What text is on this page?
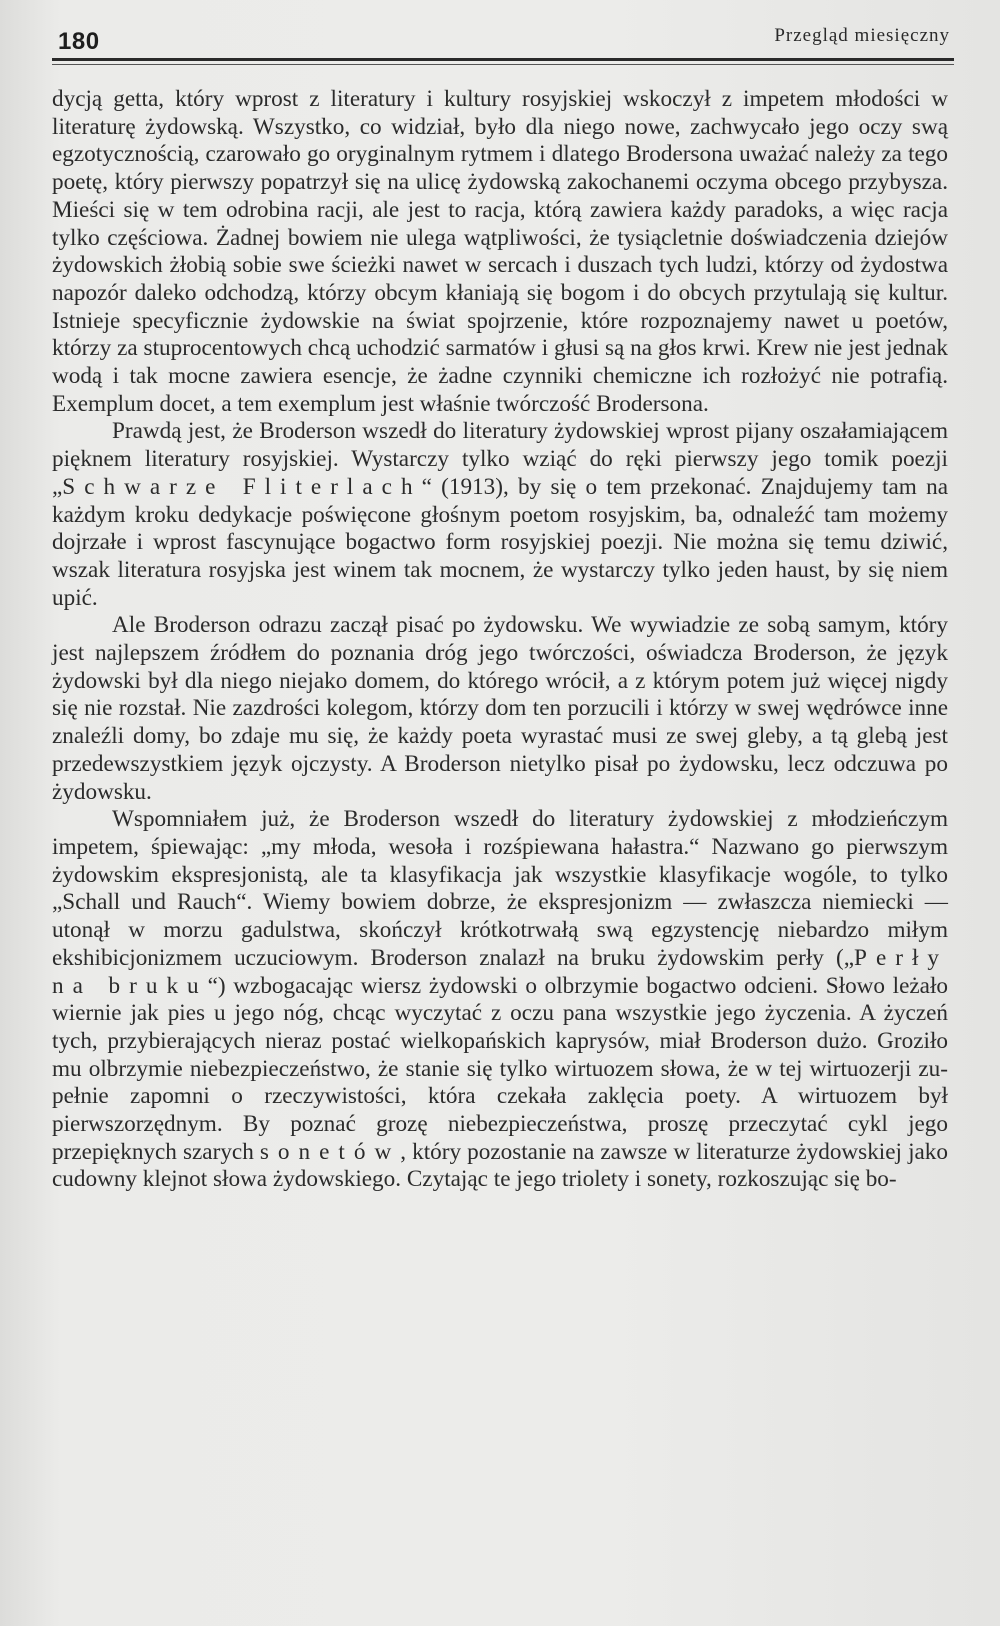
180	Przegląd miesięczny

dycją getta, który wprost z literatury i kultury rosyjskiej wskoczył z impetem młodości w literaturę żydowską. Wszystko, co widział, było dla niego nowe, zachwycało jego oczy swą egzotycznością, czarowało go oryginalnym rytmem i dlatego Brodersona uważać należy za tego poetę, który pierwszy popatrzył się na ulicę żydowską zakochanemi oczyma obcego przybysza. Mieści się w tem odrobina racji, ale jest to racja, którą zawiera każdy paradoks, a więc racja tylko częściowa. Żadnej bowiem nie ulega wątpliwości, że tysiącletnie doświadczenia dziejów żydowskich żłobią sobie swe ścieżki nawet w sercach i duszach tych ludzi, którzy od żydostwa napozór daleko odchodzą, którzy obcym kłaniają się bogom i do obcych przytulają się kultur. Istnieje specyficznie żydowskie na świat spojrzenie, które rozpoznajemy nawet u poetów, którzy za stuprocentowych chcą uchodzić sarmatów i głusi są na głos krwi. Krew nie jest jednak wodą i tak mocne zawiera esencje, że żadne czynniki chemiczne ich rozłożyć nie potrafią. Exemplum docet, a tem exemplum jest właśnie twórczość Brodersona.

Prawdą jest, że Broderson wszedł do literatury żydowskiej wprost pijany oszałamiającem pięknem literatury rosyjskiej. Wystarczy tylko wziąć do ręki pierwszy jego tomik poezji „Schwarze Fliterlach“ (1913), by się o tem przekonać. Znajdujemy tam na każdym kroku dedykacje poświęcone głośnym poetom rosyjskim, ba, odnaleźć tam możemy dojrzałe i wprost fascynujące bogactwo form rosyjskiej poezji. Nie można się temu dziwić, wszak literatura rosyjska jest winem tak mocnem, że wystarczy tylko jeden haust, by się niem upić.

Ale Broderson odrazu zaczął pisać po żydowsku. We wywiadzie ze sobą samym, który jest najlepszem źródłem do poznania dróg jego twórczości, oświadcza Broderson, że język żydowski był dla niego niejako domem, do którego wrócił, a z którym potem już więcej nigdy się nie rozstał. Nie zazdrości kolegom, którzy dom ten porzucili i którzy w swej wędrówce inne znaleźli domy, bo zdaje mu się, że każdy poeta wyrastać musi ze swej gleby, a tą glebą jest przedewszystkiem język ojczysty. A Broderson nietylko pisał po żydowsku, lecz odczuwa po żydowsku.

Wspomniałem już, że Broderson wszedł do literatury żydowskiej z młodzieńczym impetem, śpiewając: „my młoda, wesoła i rozśpiewana hałastra.“ Nazwano go pierwszym żydowskim ekspresjonistą, ale ta klasyfikacja jak wszystkie klasyfikacje wogóle, to tylko „Schall und Rauch“. Wiemy bowiem dobrze, że ekspresjonizm — zwłaszcza niemiecki — utonął w morzu gadulstwa, skończył krótkotrwałą swą egzystencję niebardzo miłym ekshibicjonizmem uczuciowym. Broderson znalazł na bruku żydowskim perły („Perły na bruku“) wzbogacając wiersz żydowski o olbrzymie bogactwo odcieni. Słowo leżało wiernie jak pies u jego nóg, chcąc wyczytać z oczu pana wszystkie jego życzenia. A życzeń tych, przybierających nieraz postać wielkopańskich kaprysów, miał Broderson dużo. Groziło mu olbrzymie niebezpieczeństwo, że stanie się tylko wirtuozem słowa, że w tej wirtuozerji zupełnie zapomni o rzeczywistości, która czekała zaklęcia poety. A wirtuozem był pierwszorzędnym. By poznać grozę niebezpieczeństwa, proszę przeczytać cykl jego przepięknych szarych sonetów, który pozostanie na zawsze w literaturze żydowskiej jako cudowny klejnot słowa żydowskiego. Czytając te jego triolety i sonety, rozkoszując się bo-
